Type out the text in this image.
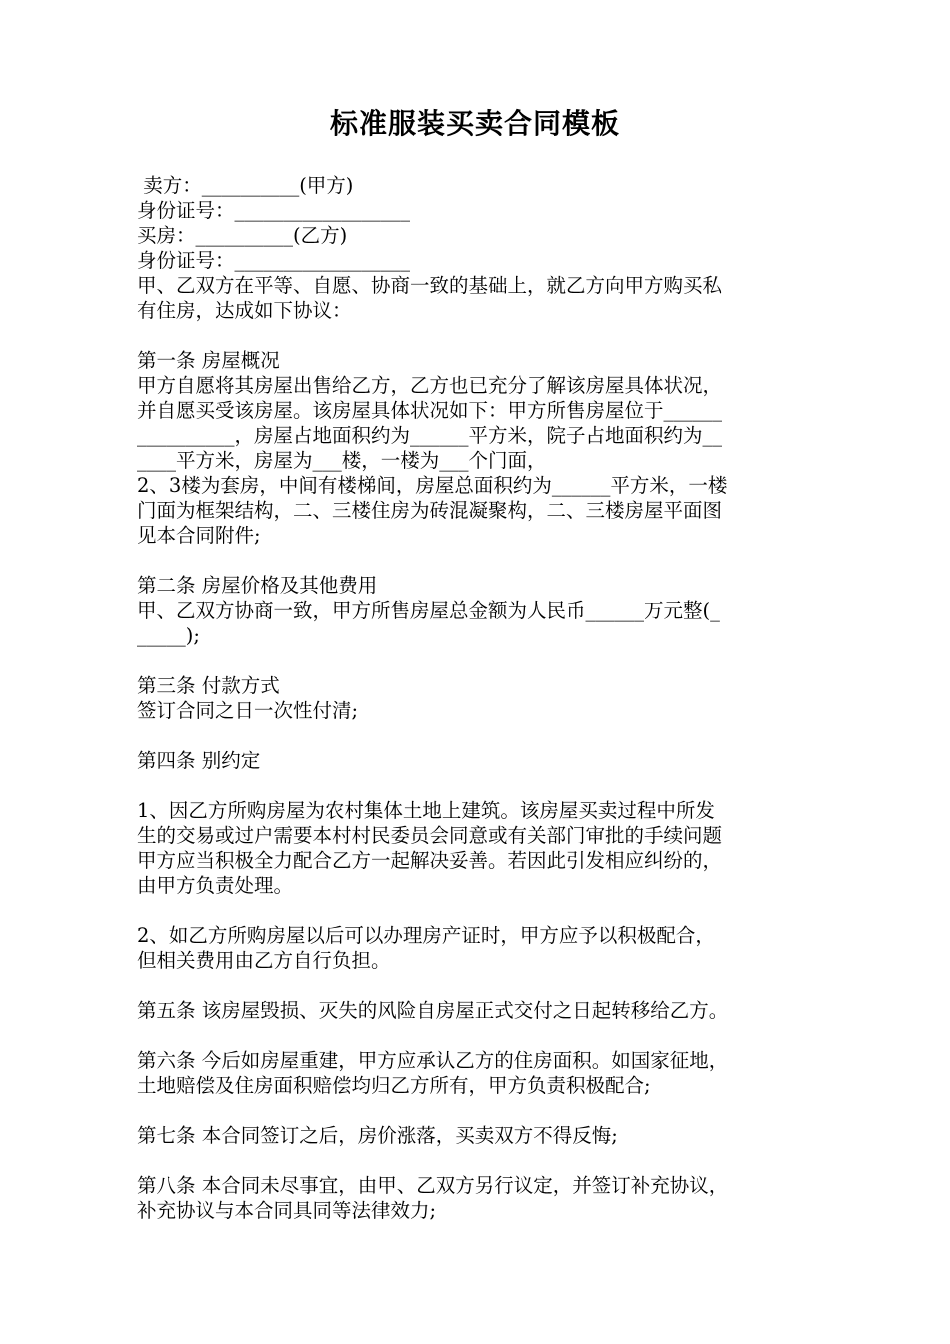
标准服装买卖合同模板
卖方：__________(甲方)
身份证号：__________________
买房：__________(乙方)
身份证号：__________________
甲、乙双方在平等、自愿、协商一致的基础上，就乙方向甲方购买私
有住房，达成如下协议：
第一条 房屋概况
甲方自愿将其房屋出售给乙方，乙方也已充分了解该房屋具体状况，
并自愿买受该房屋。该房屋具体状况如下：甲方所售房屋位于______
__________，房屋占地面积约为______平方米，院子占地面积约为__
____平方米，房屋为___楼，一楼为___个门面，
2、3楼为套房，中间有楼梯间，房屋总面积约为______平方米，一楼
门面为框架结构，二、三楼住房为砖混凝聚构，二、三楼房屋平面图
见本合同附件;
第二条 房屋价格及其他费用
甲、乙双方协商一致，甲方所售房屋总金额为人民币______万元整(_
_____);
第三条 付款方式
签订合同之日一次性付清;
第四条 别约定
1、因乙方所购房屋为农村集体土地上建筑。该房屋买卖过程中所发
生的交易或过户需要本村村民委员会同意或有关部门审批的手续问题
甲方应当积极全力配合乙方一起解决妥善。若因此引发相应纠纷的，
由甲方负责处理。
2、如乙方所购房屋以后可以办理房产证时，甲方应予以积极配合，
但相关费用由乙方自行负担。
第五条 该房屋毁损、灭失的风险自房屋正式交付之日起转移给乙方。
第六条 今后如房屋重建，甲方应承认乙方的住房面积。如国家征地，
土地赔偿及住房面积赔偿均归乙方所有，甲方负责积极配合;
第七条 本合同签订之后，房价涨落，买卖双方不得反悔;
第八条 本合同未尽事宜，由甲、乙双方另行议定，并签订补充协议，
补充协议与本合同具同等法律效力;
